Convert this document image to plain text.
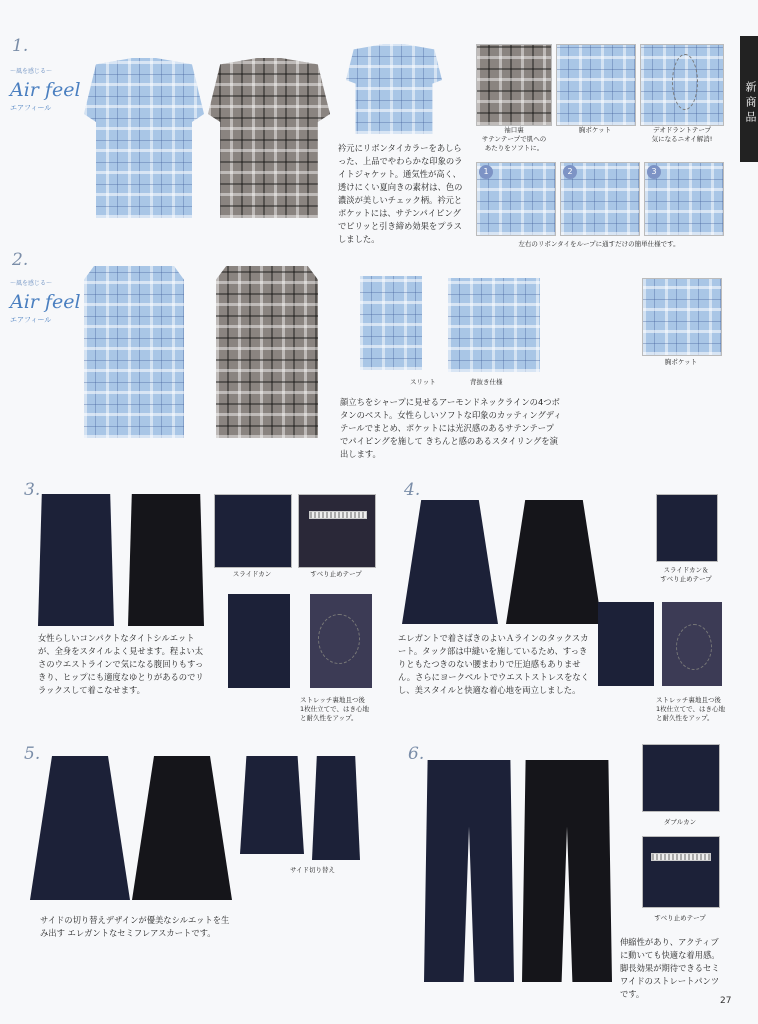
新商品
1.
〜風を感じる〜
Air feel
エアフィール
衿元にリボンタイカラーをあしらった、上品でやわらかな印象のライトジャケット。通気性が高く、透けにくい夏向きの素材は、色の濃淡が美しいチェック柄。衿元とポケットには、サテンパイピングでピリッと引き締め効果をプラスしました。
袖口裏
サテンテープで肌への
あたりをソフトに。
胸ポケット	デオドラントテープ
気になるニオイ解消!
1	2	3
左右のリボンタイをループに通すだけの簡単仕様です。
2.
〜風を感じる〜
Air feel
エアフィール
スリット	背抜き仕様
胸ポケット
顔立ちをシャープに見せるアーモンドネックラインの4つボタンのベスト。女性らしいソフトな印象のカッティングディテールでまとめ、ポケットには光沢感のあるサテンテープでパイピングを施して きちんと感のあるスタイリングを演出します。
3.
スライドカン	すべり止めテープ
女性らしいコンパクトなタイトシルエットが、全身をスタイルよく見せます。程よい太さのウエストラインで気になる腹回りもすっきり、ヒップにも適度なゆとりがあるのでリラックスして着こなせます。
ストレッチ裏地且つ後
1枚仕立てで、はき心地
と耐久性をアップ。
4.
スライドカン＆
すべり止めテープ
エレガントで着さばきのよいＡラインのタックスカート。タック部は中縫いを施しているため、すっきりともたつきのない腰まわりで圧迫感もありません。さらにヨークベルトでウエストストレスをなくし、美スタイルと快適な着心地を両立しました。
ストレッチ裏地且つ後
1枚仕立てで、はき心地
と耐久性をアップ。
5.
サイド切り替え
サイドの切り替えデザインが優美なシルエットを生み出す エレガントなセミフレアスカートです。
6.
ダブルカン
すべり止めテープ
伸縮性があり、アクティブに動いても快適な着用感。脚長効果が期待できるセミワイドのストレートパンツです。
27
